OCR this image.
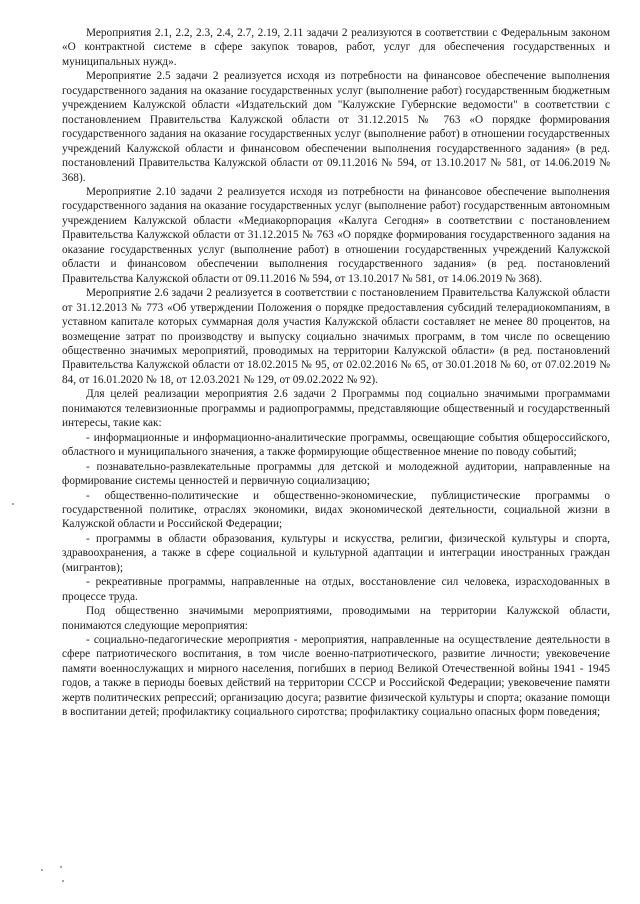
Мероприятия 2.1, 2.2, 2.3, 2.4, 2.7, 2.19, 2.11 задачи 2 реализуются в соответствии с Федеральным законом «О контрактной системе в сфере закупок товаров, работ, услуг для обеспечения государственных и муниципальных нужд».

Мероприятие 2.5 задачи 2 реализуется исходя из потребности на финансовое обеспечение выполнения государственного задания на оказание государственных услуг (выполнение работ) государственным бюджетным учреждением Калужской области «Издательский дом "Калужские Губернские ведомости" в соответствии с постановлением Правительства Калужской области от 31.12.2015 № 763 «О порядке формирования государственного задания на оказание государственных услуг (выполнение работ) в отношении государственных учреждений Калужской области и финансовом обеспечении выполнения государственного задания» (в ред. постановлений Правительства Калужской области от 09.11.2016 № 594, от 13.10.2017 № 581, от 14.06.2019 № 368).

Мероприятие 2.10 задачи 2 реализуется исходя из потребности на финансовое обеспечение выполнения государственного задания на оказание государственных услуг (выполнение работ) государственным автономным учреждением Калужской области «Медиакорпорация «Калуга Сегодня» в соответствии с постановлением Правительства Калужской области от 31.12.2015 № 763 «О порядке формирования государственного задания на оказание государственных услуг (выполнение работ) в отношении государственных учреждений Калужской области и финансовом обеспечении выполнения государственного задания» (в ред. постановлений Правительства Калужской области от 09.11.2016 № 594, от 13.10.2017 № 581, от 14.06.2019 № 368).

Мероприятие 2.6 задачи 2 реализуется в соответствии с постановлением Правительства Калужской области от 31.12.2013 № 773 «Об утверждении Положения о порядке предоставления субсидий телерадиокомпаниям, в уставном капитале которых суммарная доля участия Калужской области составляет не менее 80 процентов, на возмещение затрат по производству и выпуску социально значимых программ, в том числе по освещению общественно значимых мероприятий, проводимых на территории Калужской области» (в ред. постановлений Правительства Калужской области от 18.02.2015 № 95, от 02.02.2016 № 65, от 30.01.2018 № 60, от 07.02.2019 № 84, от 16.01.2020 № 18, от 12.03.2021 № 129, от 09.02.2022 № 92).

Для целей реализации мероприятия 2.6 задачи 2 Программы под социально значимыми программами понимаются телевизионные программы и радиопрограммы, представляющие общественный и государственный интересы, такие как:

- информационные и информационно-аналитические программы, освещающие события общероссийского, областного и муниципального значения, а также формирующие общественное мнение по поводу событий;

- познавательно-развлекательные программы для детской и молодежной аудитории, направленные на формирование системы ценностей и первичную социализацию;

- общественно-политические и общественно-экономические, публицистические программы о государственной политике, отраслях экономики, видах экономической деятельности, социальной жизни в Калужской области и Российской Федерации;

- программы в области образования, культуры и искусства, религии, физической культуры и спорта, здравоохранения, а также в сфере социальной и культурной адаптации и интеграции иностранных граждан (мигрантов);

- рекреативные программы, направленные на отдых, восстановление сил человека, израсходованных в процессе труда.

Под общественно значимыми мероприятиями, проводимыми на территории Калужской области, понимаются следующие мероприятия:

- социально-педагогические мероприятия - мероприятия, направленные на осуществление деятельности в сфере патриотического воспитания, в том числе военно-патриотического, развитие личности; увековечение памяти военнослужащих и мирного населения, погибших в период Великой Отечественной войны 1941 - 1945 годов, а также в периоды боевых действий на территории СССР и Российской Федерации; увековечение памяти жертв политических репрессий; организацию досуга; развитие физической культуры и спорта; оказание помощи в воспитании детей; профилактику социального сиротства; профилактику социально опасных форм поведения;
